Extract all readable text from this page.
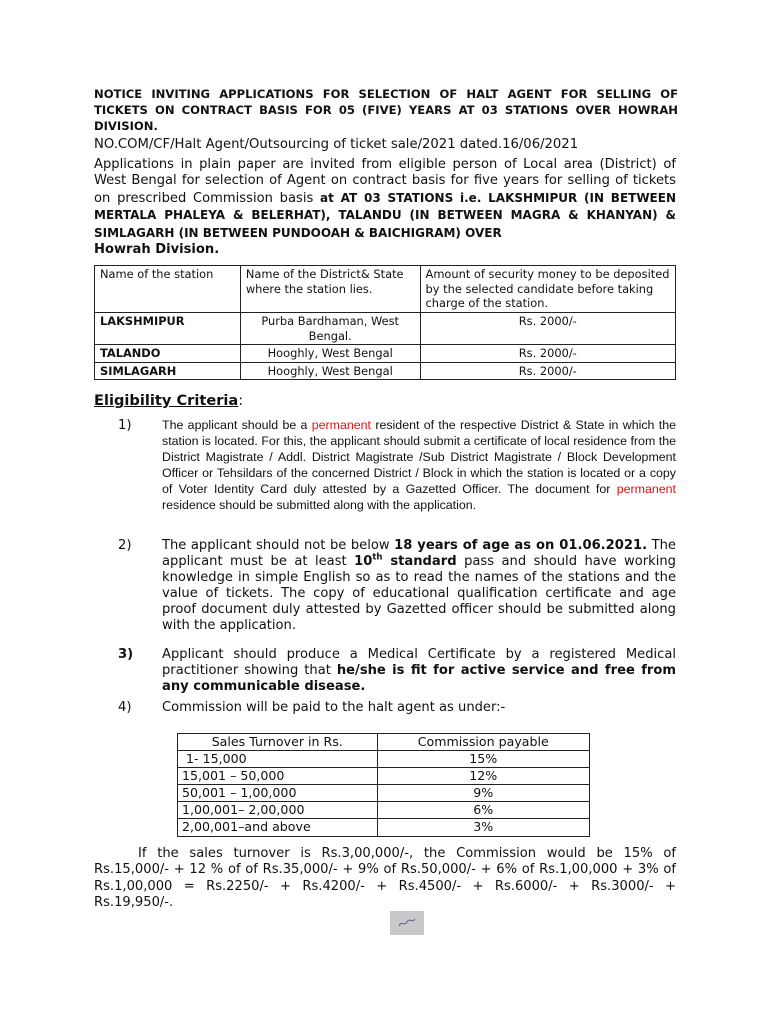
NOTICE INVITING APPLICATIONS FOR SELECTION OF HALT AGENT FOR SELLING OF TICKETS ON CONTRACT BASIS FOR 05 (FIVE) YEARS AT 03 STATIONS OVER HOWRAH DIVISION.
NO.COM/CF/Halt Agent/Outsourcing of ticket sale/2021 dated.16/06/2021
Applications in plain paper are invited from eligible person of Local area (District) of West Bengal for selection of Agent on contract basis for five years for selling of tickets on prescribed Commission basis at AT 03 STATIONS i.e. LAKSHMIPUR (IN BETWEEN MERTALA PHALEYA & BELERHAT), TALANDU (IN BETWEEN MAGRA & KHANYAN) & SIMLAGARH (IN BETWEEN PUNDOOAH & BAICHIGRAM) OVER
Howrah Division.
Name of the station	Name of the District& State where the station lies.	Amount of security money to be deposited by the selected candidate before taking charge of the station.
LAKSHMIPUR	Purba Bardhaman, West Bengal.	Rs. 2000/-
TALANDO	Hooghly, West Bengal	Rs. 2000/-
SIMLAGARH	Hooghly, West Bengal	Rs. 2000/-
Eligibility Criteria:
1) The applicant should be a permanent resident of the respective District & State in which the station is located. For this, the applicant should submit a certificate of local residence from the District Magistrate / Addl. District Magistrate /Sub District Magistrate / Block Development Officer or Tehsildars of the concerned District / Block in which the station is located or a copy of Voter Identity Card duly attested by a Gazetted Officer. The document for permanent residence should be submitted along with the application.
2) The applicant should not be below 18 years of age as on 01.06.2021. The applicant must be at least 10th standard pass and should have working knowledge in simple English so as to read the names of the stations and the value of tickets. The copy of educational qualification certificate and age proof document duly attested by Gazetted officer should be submitted along with the application.
3) Applicant should produce a Medical Certificate by a registered Medical practitioner showing that he/she is fit for active service and free from any communicable disease.
4) Commission will be paid to the halt agent as under:-
Sales Turnover in Rs.	Commission payable
1- 15,000	15%
15,001 – 50,000	12%
50,001 – 1,00,000	9%
1,00,001– 2,00,000	6%
2,00,001–and above	3%
If the sales turnover is Rs.3,00,000/-, the Commission would be 15% of Rs.15,000/- + 12 % of of Rs.35,000/- + 9% of Rs.50,000/- + 6% of Rs.1,00,000 + 3% of Rs.1,00,000 = Rs.2250/- + Rs.4200/- + Rs.4500/- + Rs.6000/- + Rs.3000/- + Rs.19,950/-.
